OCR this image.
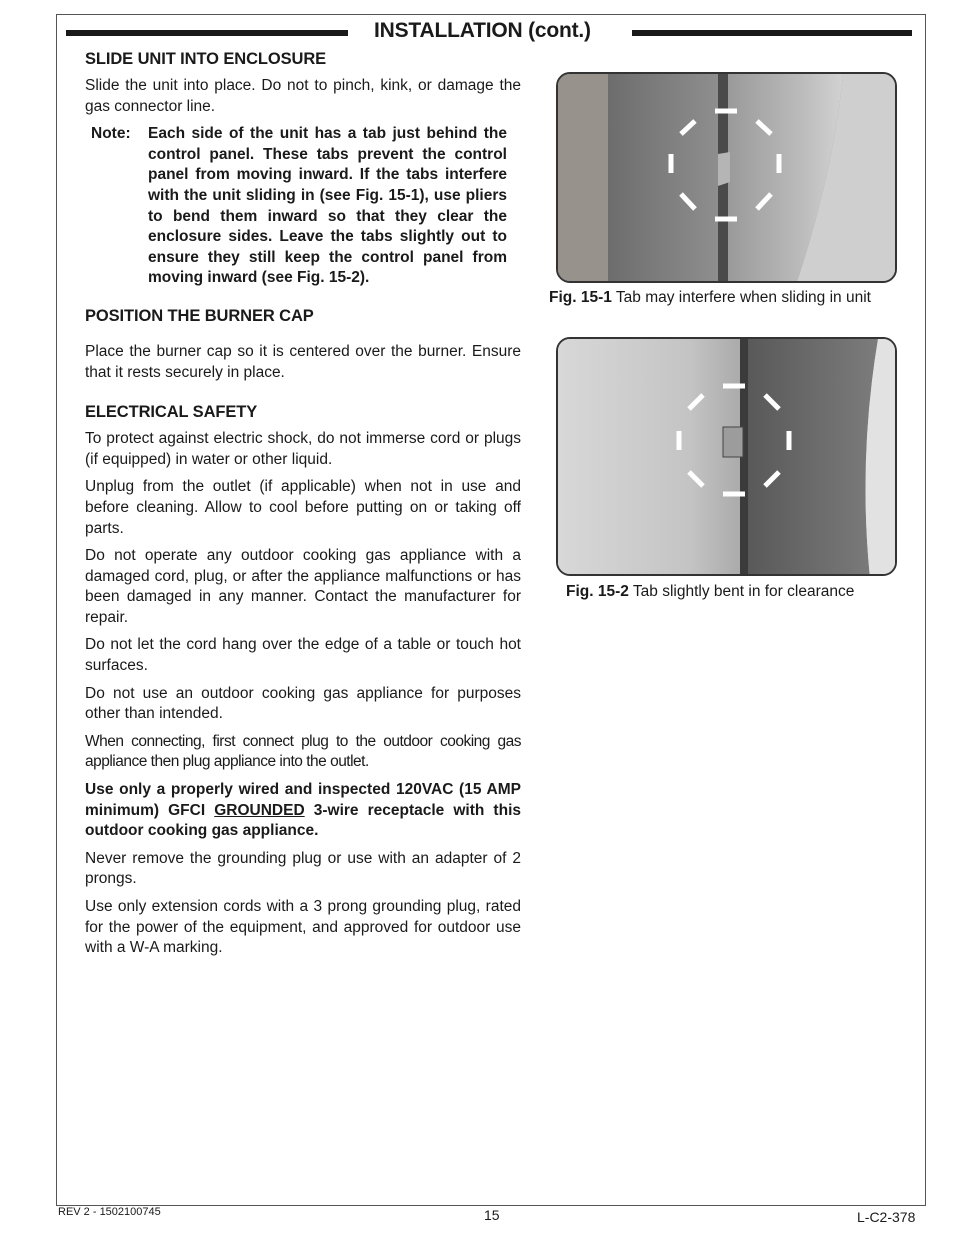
INSTALLATION (cont.)
SLIDE UNIT INTO ENCLOSURE

Slide the unit into place. Do not to pinch, kink, or damage the gas connector line.

Note:	Each side of the unit has a tab just behind the control panel. These tabs prevent the control panel from moving inward. If the tabs interfere with the unit sliding in (see Fig. 15-1), use pliers to bend them inward so that they clear the enclosure sides. Leave the tabs slightly out to ensure they still keep the control panel from moving inward (see Fig. 15-2).
POSITION THE BURNER CAP

Place the burner cap so it is centered over the burner. Ensure that it rests securely in place.

ELECTRICAL SAFETY

To protect against electric shock, do not immerse cord or plugs (if equipped) in water or other liquid.

Unplug from the outlet (if applicable) when not in use and before cleaning. Allow to cool before putting on or taking off parts.

Do not operate any outdoor cooking gas appliance with a damaged cord, plug, or after the appliance malfunctions or has been damaged in any manner. Contact the manufacturer for repair.

Do not let the cord hang over the edge of a table or touch hot surfaces.

Do not use an outdoor cooking gas appliance for purposes other than intended.

When connecting, first connect plug to the outdoor cooking gas appliance then plug appliance into the outlet.

Use only a properly wired and inspected 120VAC (15 AMP minimum) GFCI GROUNDED 3-wire receptacle with this outdoor cooking gas appliance.

Never remove the grounding plug or use with an adapter of 2 prongs.

Use only extension cords with a 3 prong grounding plug, rated for the power of the equipment, and approved for outdoor use with a W-A marking.

Fig. 15-1 Tab may interfere when sliding in unit
Fig. 15-2 Tab slightly bent in for clearance
REV 2 - 1502100745	15	L-C2-378
